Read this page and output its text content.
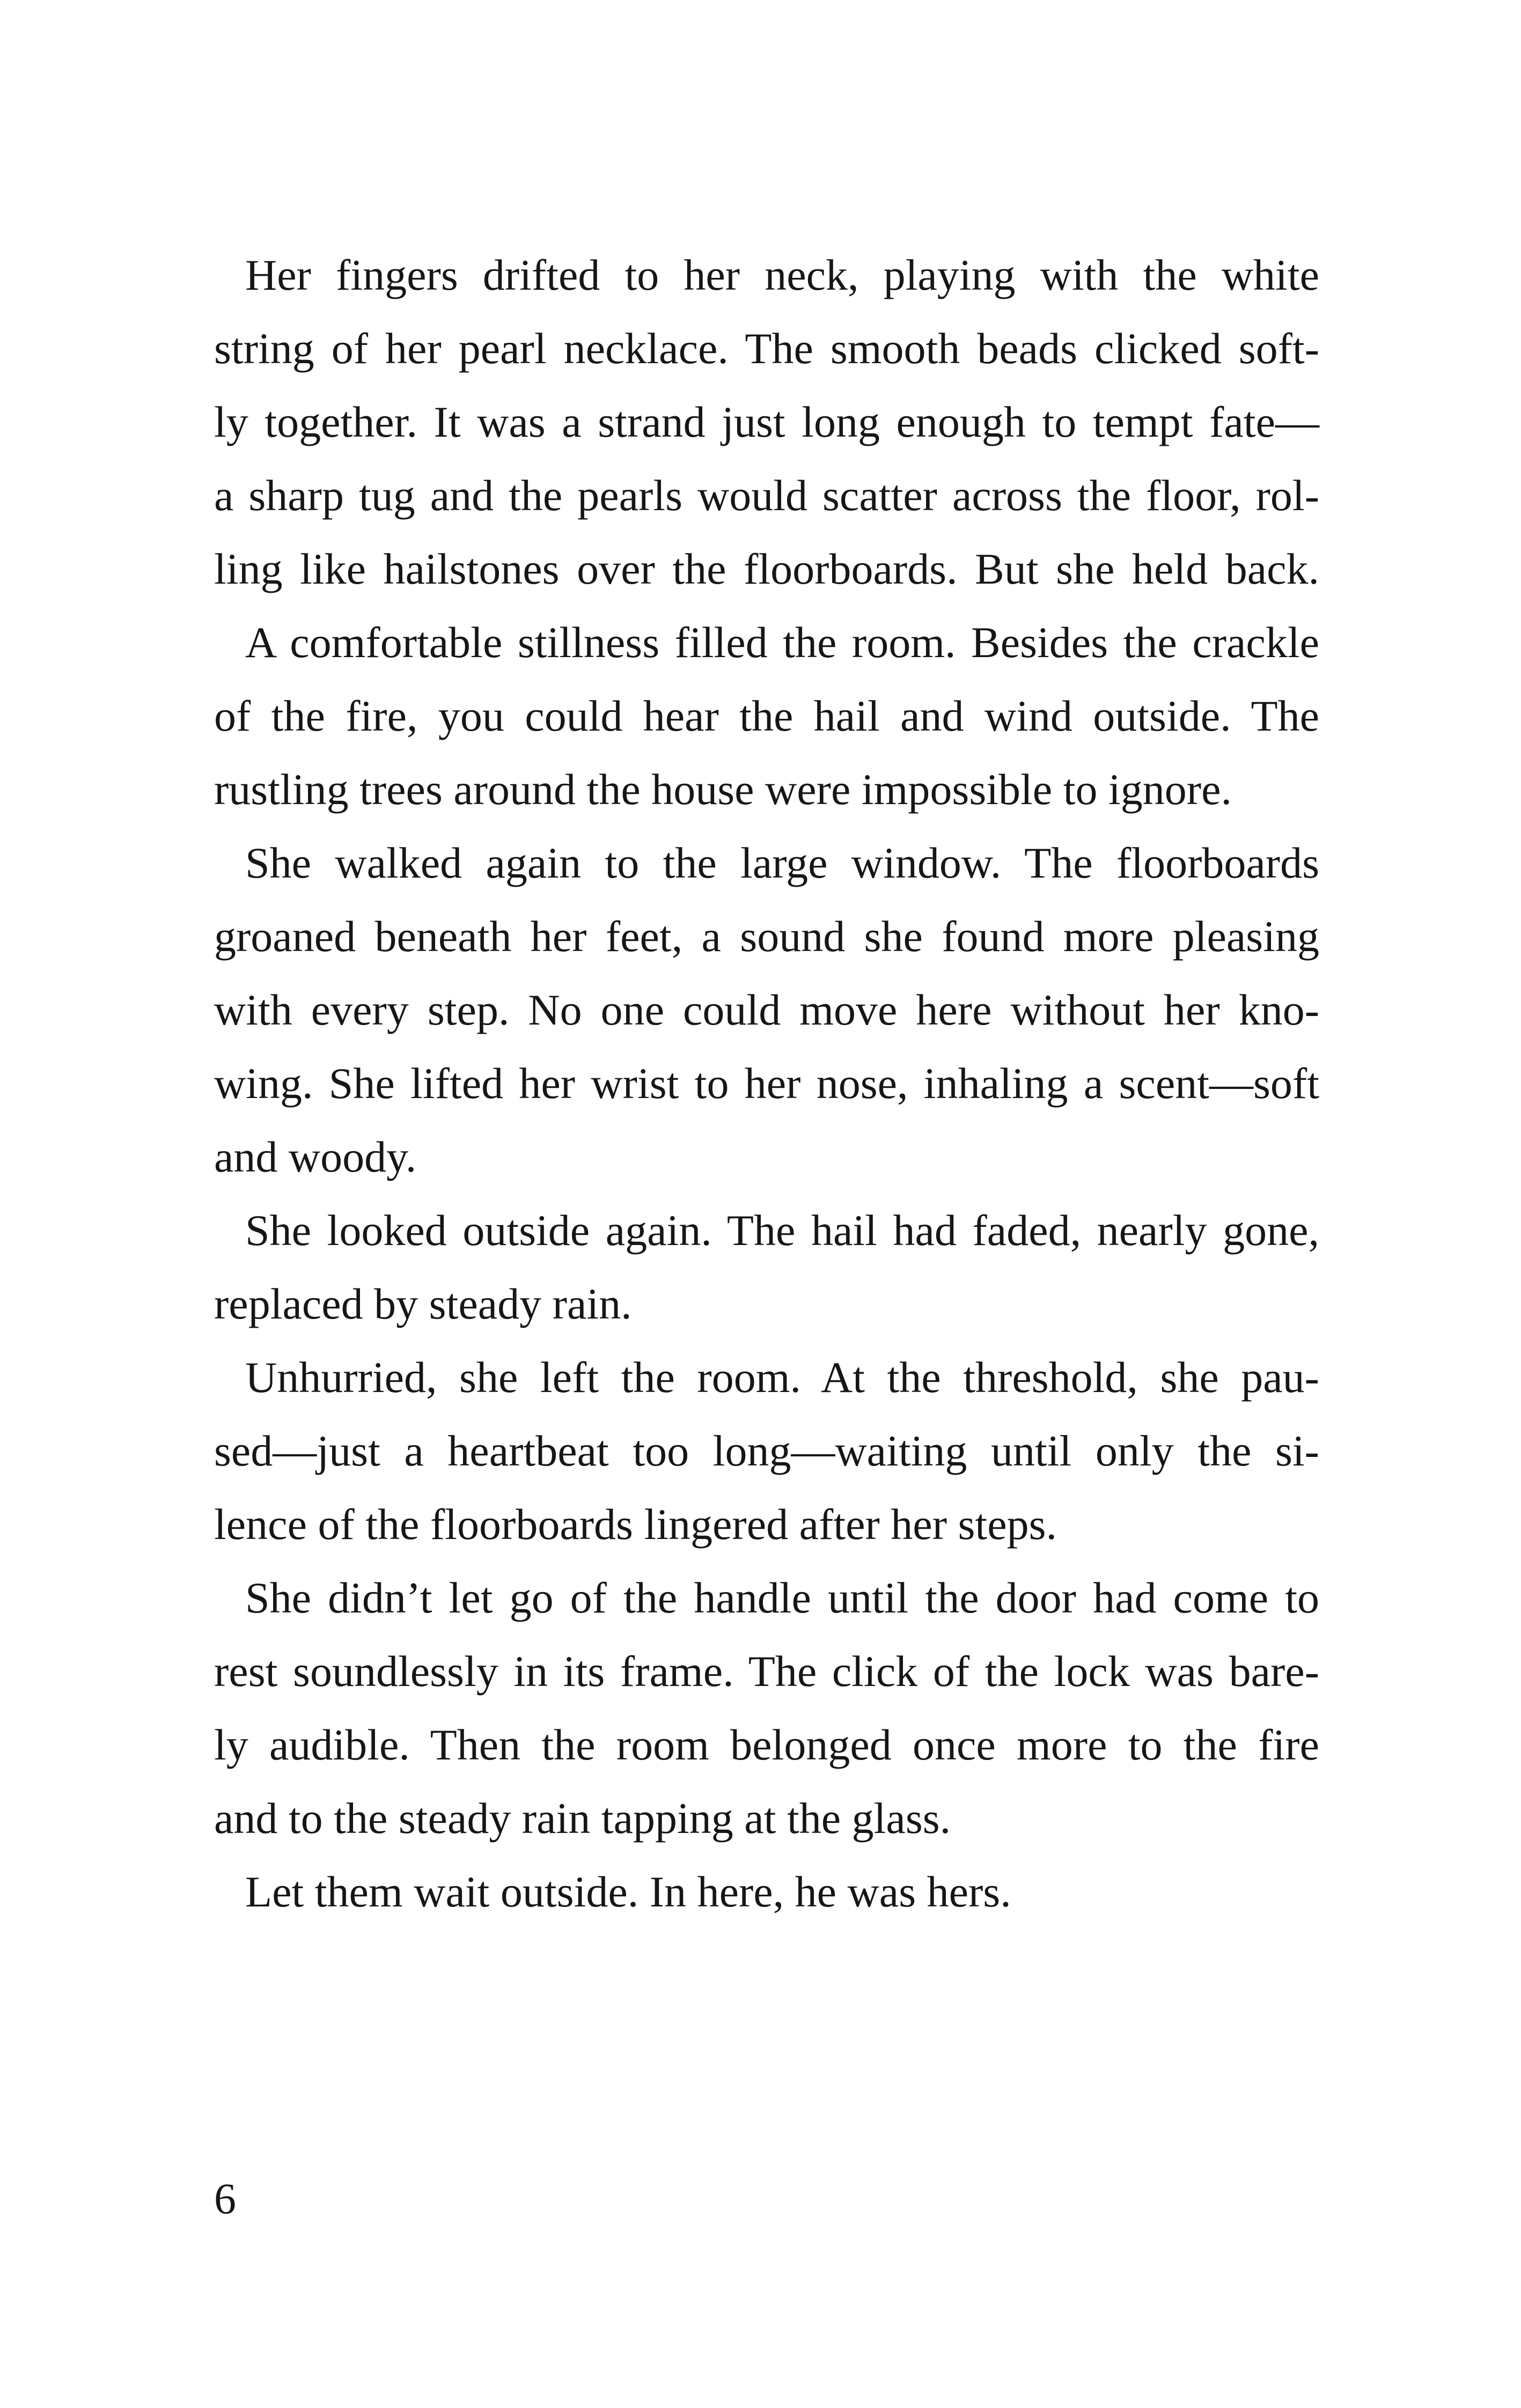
Her fingers drifted to her neck, playing with the white
string of her pearl necklace. The smooth beads clicked soft-
ly together. It was a strand just long enough to tempt fate—
a sharp tug and the pearls would scatter across the floor, rol-
ling like hailstones over the floorboards. But she held back.
A comfortable stillness filled the room. Besides the crackle
of the fire, you could hear the hail and wind outside. The
rustling trees around the house were impossible to ignore.
She walked again to the large window. The floorboards
groaned beneath her feet, a sound she found more pleasing
with every step. No one could move here without her kno-
wing. She lifted her wrist to her nose, inhaling a scent—soft
and woody.
She looked outside again. The hail had faded, nearly gone,
replaced by steady rain.
Unhurried, she left the room. At the threshold, she pau-
sed—just a heartbeat too long—waiting until only the si-
lence of the floorboards lingered after her steps.
She didn’t let go of the handle until the door had come to
rest soundlessly in its frame. The click of the lock was bare-
ly audible. Then the room belonged once more to the fire
and to the steady rain tapping at the glass.
Let them wait outside. In here, he was hers.
6
